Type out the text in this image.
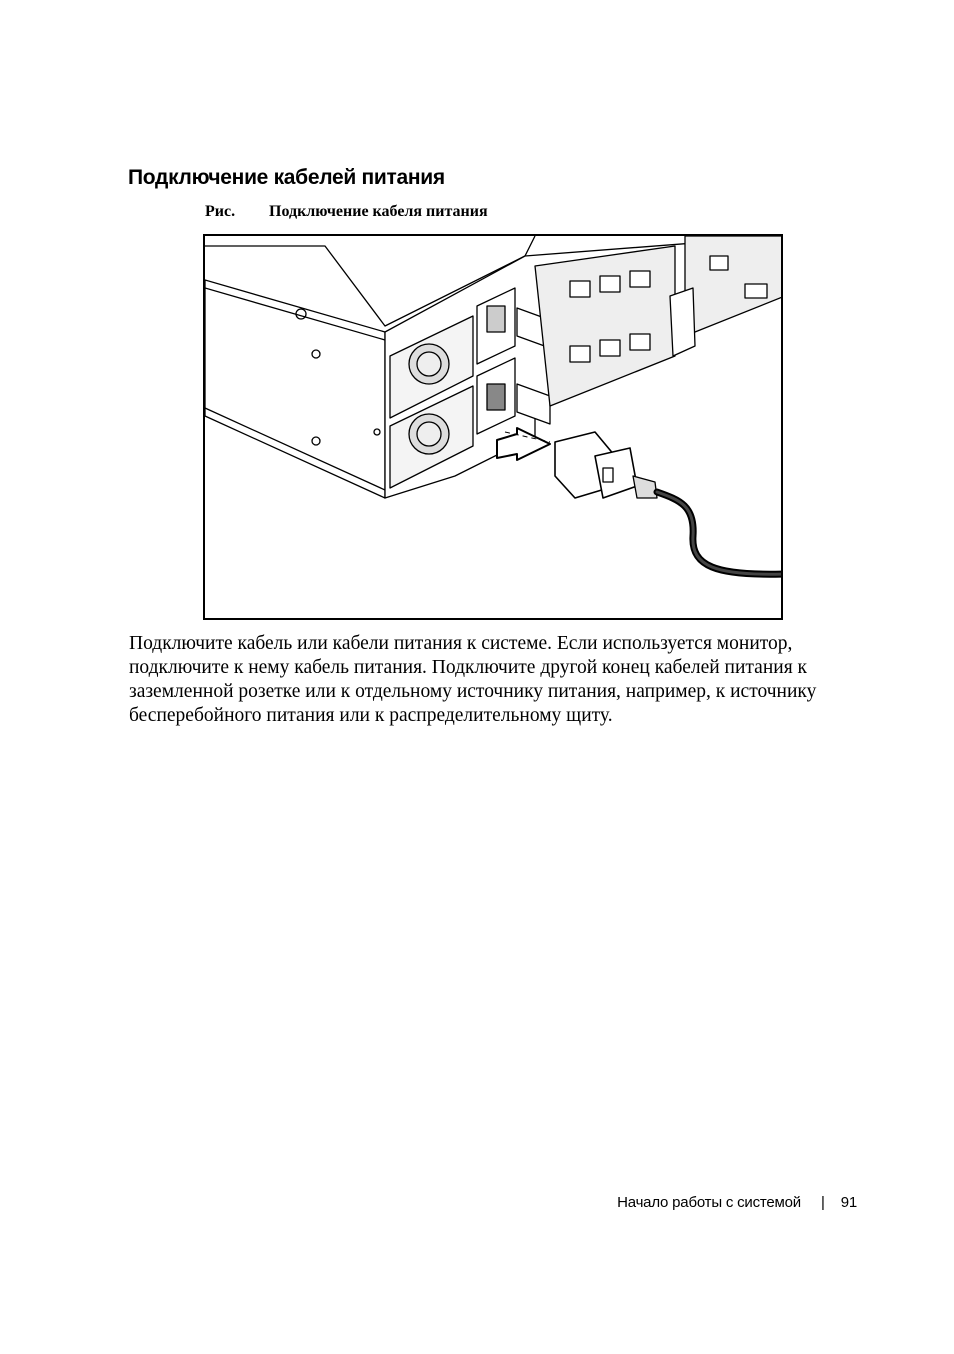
Подключение кабелей питания
Рис. Подключение кабеля питания

Подключите кабель или кабели питания к системе. Если используется монитор, подключите к нему кабель питания. Подключите другой конец кабелей питания к заземленной розетке или к отдельному источнику питания, например, к источнику бесперебойного питания или к распределительному щиту.

Начало работы с системой | 91
